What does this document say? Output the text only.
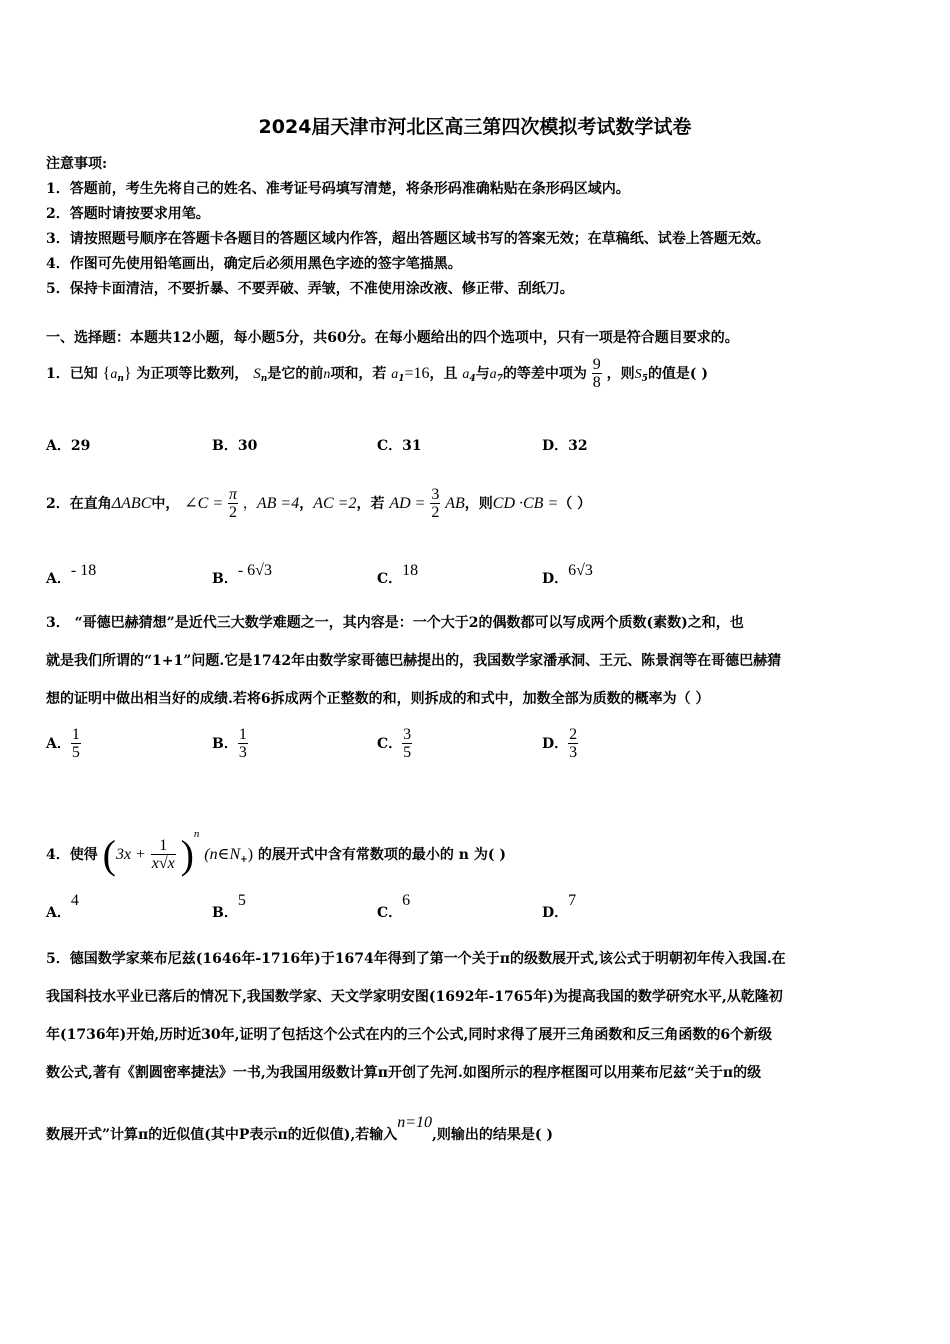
2024届天津市河北区高三第四次模拟考试数学试卷
注意事项:
1．答题前，考生先将自己的姓名、准考证号码填写清楚，将条形码准确粘贴在条形码区域内。
2．答题时请按要求用笔。
3．请按照题号顺序在答题卡各题目的答题区域内作答，超出答题区域书写的答案无效；在草稿纸、试卷上答题无效。
4．作图可先使用铅笔画出，确定后必须用黑色字迹的签字笔描黑。
5．保持卡面清洁，不要折暴、不要弄破、弄皱，不准使用涂改液、修正带、刮纸刀。
一、选择题：本题共12小题，每小题5分，共60分。在每小题给出的四个选项中，只有一项是符合题目要求的。
1．已知 $\{a_n\}$ 为正项等比数列， $S_n$是它的前n项和，若 $a_1=16$，且 $a_4$与$a_7$的等差中项为 $\frac{9}{8}$ ，则$S_5$的值是( )
A．29	B．30	C．31	D．32
2．在直角ΔABC中， ∠C = $\frac{\pi}{2}$ ，AB =4，AC =2，若 AD = $\frac{3}{2}$ AB，则CD ·CB =（ ）
A．- 18	B．- 6√3	C．18	D．6√3
3． “哥德巴赫猜想”是近代三大数学难题之一，其内容是：一个大于2的偶数都可以写成两个质数(素数)之和，也
就是我们所谓的“1+1”问题.它是1742年由数学家哥德巴赫提出的，我国数学家潘承洞、王元、陈景润等在哥德巴赫猜
想的证明中做出相当好的成绩.若将6拆成两个正整数的和，则拆成的和式中，加数全部为质数的概率为（ ）
A． $\frac{1}{5}$	B． $\frac{1}{3}$	C． $\frac{3}{5}$	D． $\frac{2}{3}$
4．使得 $(3x + \frac{1}{x√x} )^n$ $(n\in N_+)$ 的展开式中含有常数项的最小的 n 为( )
A．4
B．5
C．6
D．7
5．德国数学家莱布尼兹(1646年-1716年)于1674年得到了第一个关于π的级数展开式,该公式于明朝初年传入我国.在
我国科技水平业已落后的情况下,我国数学家、天文学家明安图(1692年-1765年)为提高我国的数学研究水平,从乾隆初
年(1736年)开始,历时近30年,证明了包括这个公式在内的三个公式,同时求得了展开三角函数和反三角函数的6个新级
数公式,著有《割圆密率捷法》一书,为我国用级数计算π开创了先河.如图所示的程序框图可以用莱布尼兹“关于π的级
数展开式”计算π的近似值(其中P表示π的近似值),若输入n=10,则输出的结果是( )
